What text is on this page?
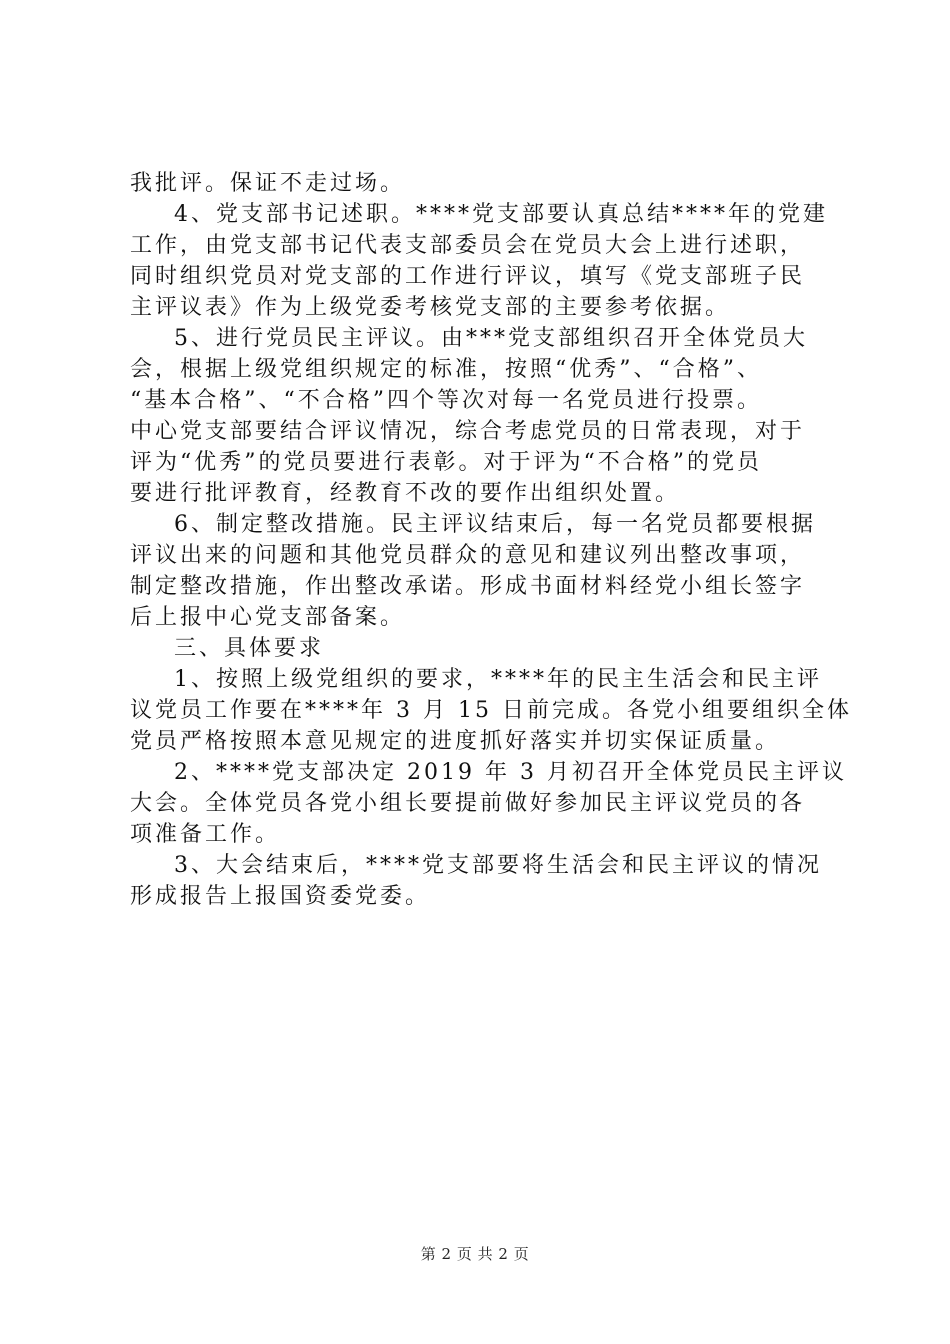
我批评。保证不走过场。
4、党支部书记述职。****党支部要认真总结****年的党建
工作，由党支部书记代表支部委员会在党员大会上进行述职，
同时组织党员对党支部的工作进行评议，填写《党支部班子民
主评议表》作为上级党委考核党支部的主要参考依据。
5、进行党员民主评议。由***党支部组织召开全体党员大
会，根据上级党组织规定的标准，按照“优秀”、“合格”、
“基本合格”、“不合格”四个等次对每一名党员进行投票。
中心党支部要结合评议情况，综合考虑党员的日常表现，对于
评为“优秀”的党员要进行表彰。对于评为“不合格”的党员
要进行批评教育，经教育不改的要作出组织处置。
6、制定整改措施。民主评议结束后，每一名党员都要根据
评议出来的问题和其他党员群众的意见和建议列出整改事项，
制定整改措施，作出整改承诺。形成书面材料经党小组长签字
后上报中心党支部备案。
三、具体要求
1、按照上级党组织的要求，****年的民主生活会和民主评
议党员工作要在****年 3 月 15 日前完成。各党小组要组织全体
党员严格按照本意见规定的进度抓好落实并切实保证质量。
2、****党支部决定 2019 年 3 月初召开全体党员民主评议
大会。全体党员各党小组长要提前做好参加民主评议党员的各
项准备工作。
3、大会结束后，****党支部要将生活会和民主评议的情况
形成报告上报国资委党委。
第 2 页 共 2 页
